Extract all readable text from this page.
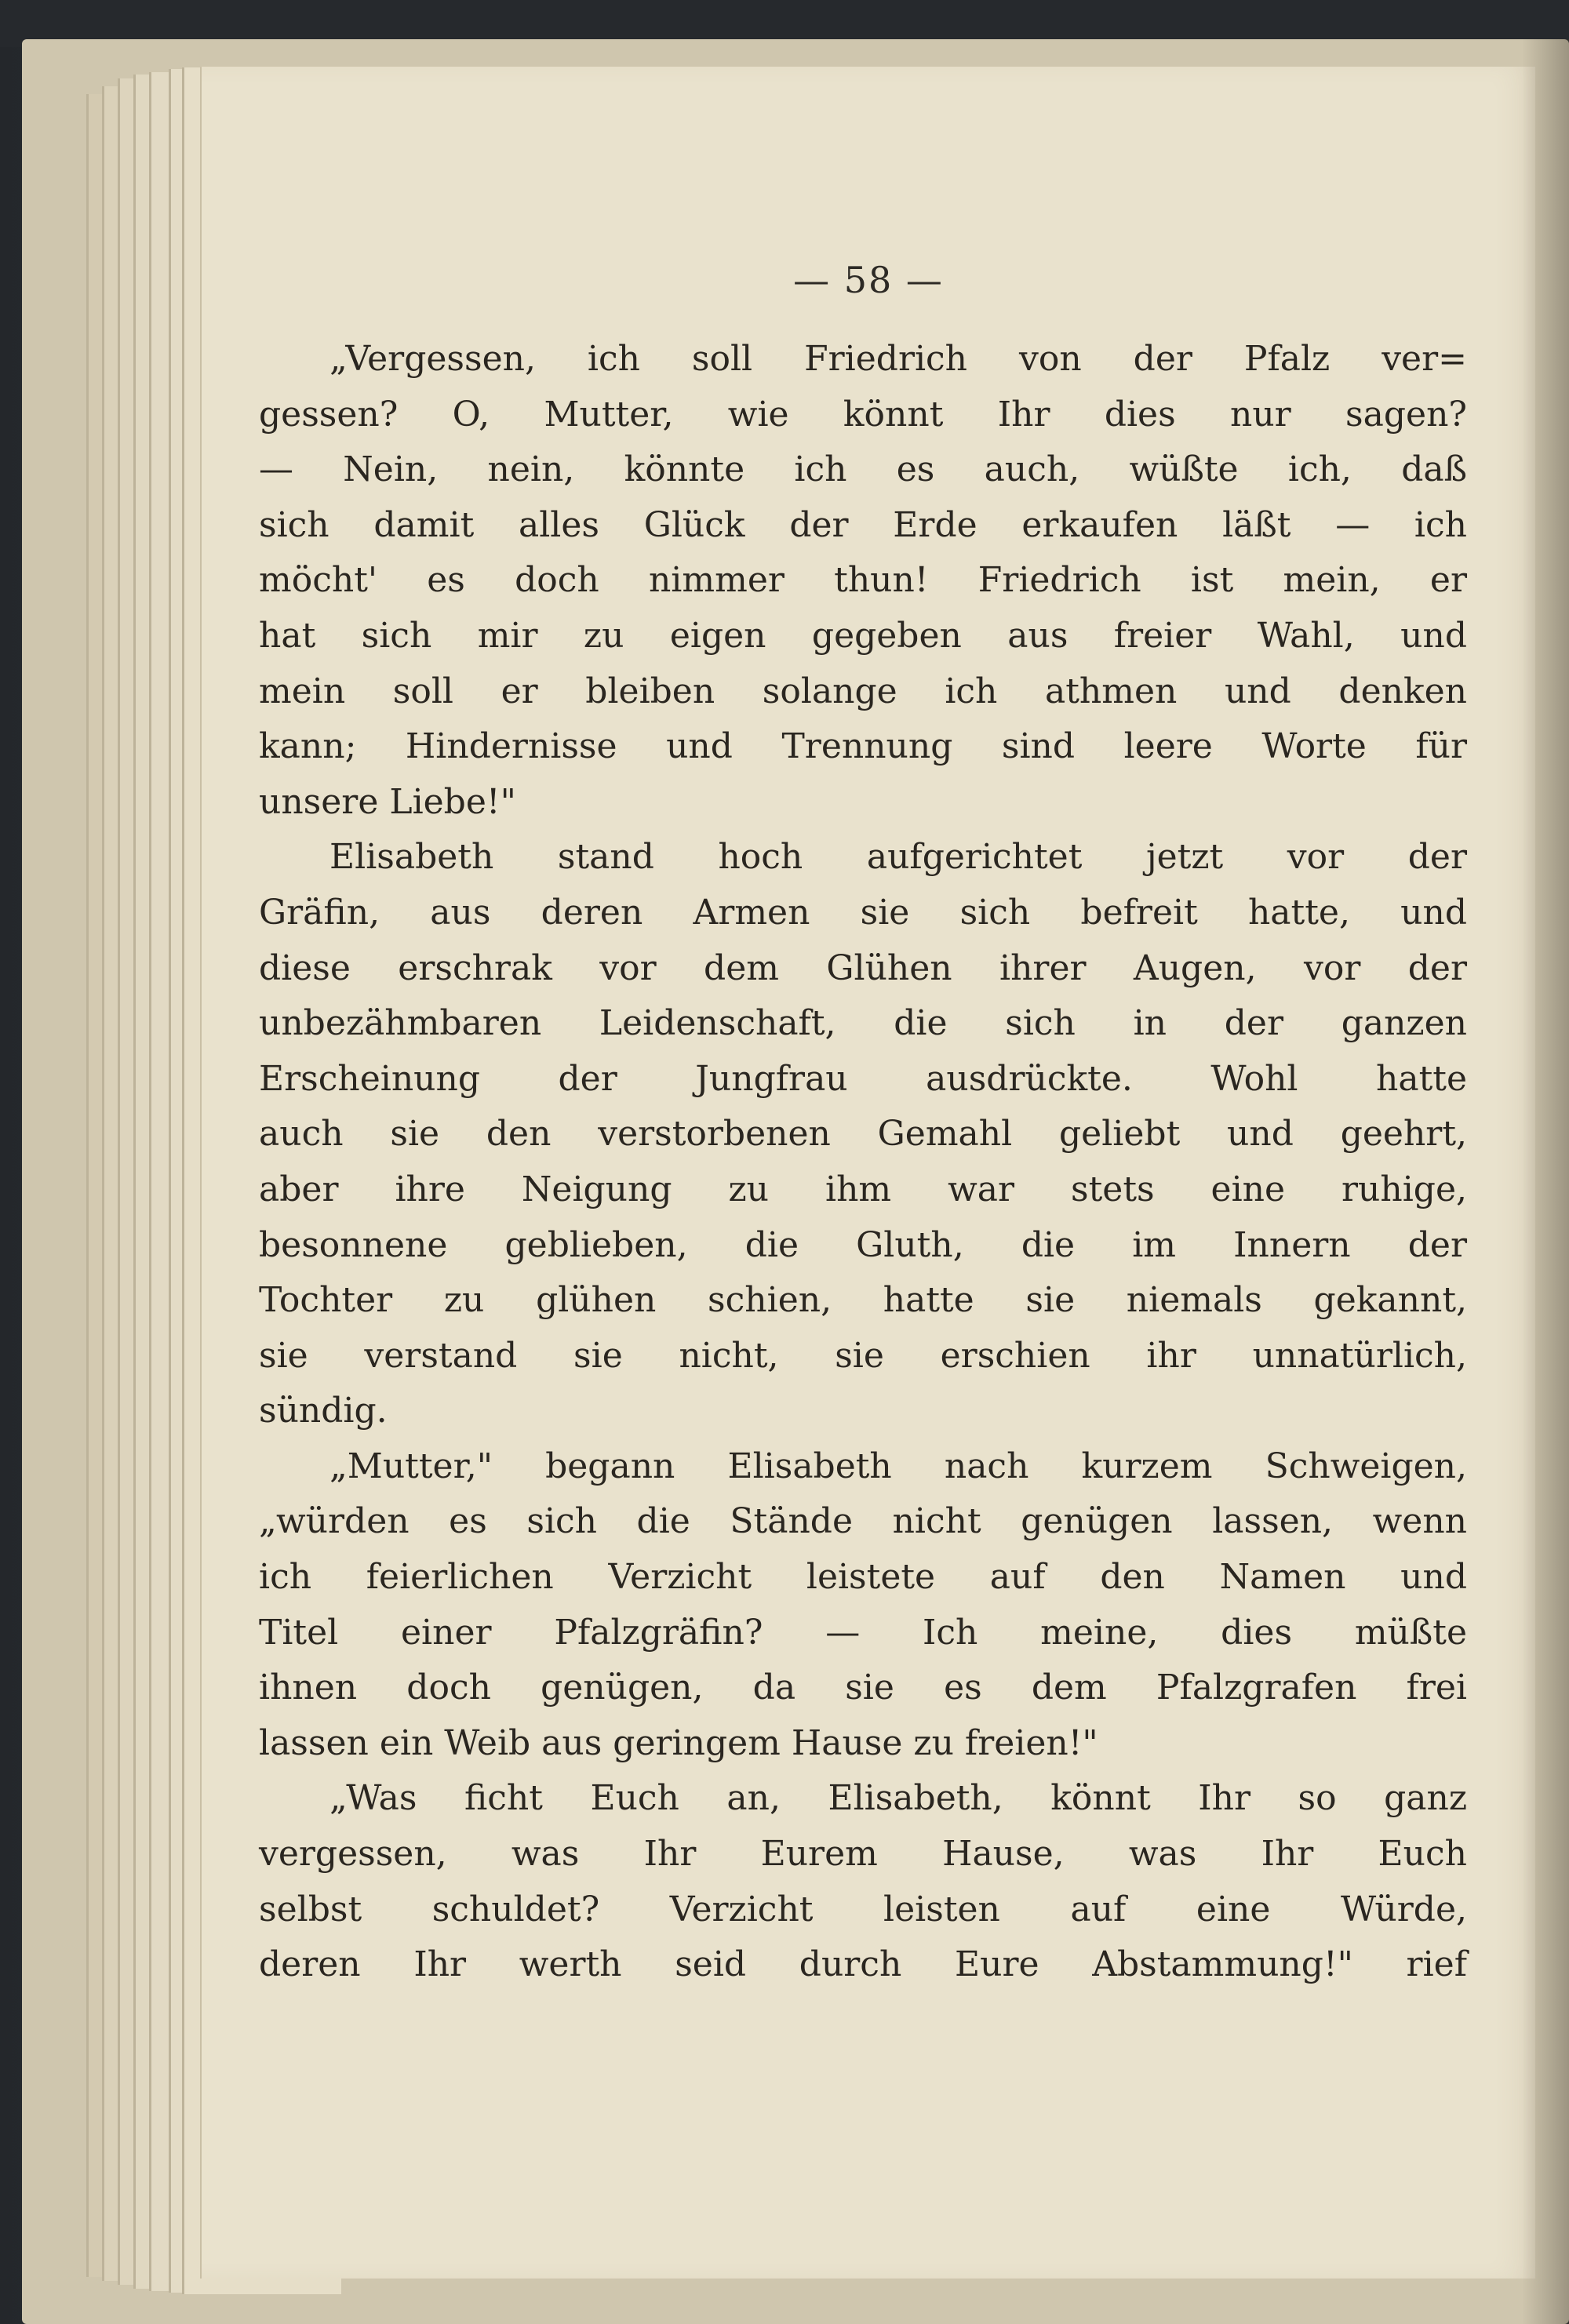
— 58 —
„Vergessen, ich soll Friedrich von der Pfalz ver=
gessen? O, Mutter, wie könnt Ihr dies nur sagen?
— Nein, nein, könnte ich es auch, wüßte ich, daß
sich damit alles Glück der Erde erkaufen läßt — ich
möcht' es doch nimmer thun! Friedrich ist mein, er
hat sich mir zu eigen gegeben aus freier Wahl, und
mein soll er bleiben solange ich athmen und denken
kann; Hindernisse und Trennung sind leere Worte für
unsere Liebe!"
Elisabeth stand hoch aufgerichtet jetzt vor der
Gräfin, aus deren Armen sie sich befreit hatte, und
diese erschrak vor dem Glühen ihrer Augen, vor der
unbezähmbaren Leidenschaft, die sich in der ganzen
Erscheinung der Jungfrau ausdrückte. Wohl hatte
auch sie den verstorbenen Gemahl geliebt und geehrt,
aber ihre Neigung zu ihm war stets eine ruhige,
besonnene geblieben, die Gluth, die im Innern der
Tochter zu glühen schien, hatte sie niemals gekannt,
sie verstand sie nicht, sie erschien ihr unnatürlich,
sündig.
„Mutter," begann Elisabeth nach kurzem Schweigen,
„würden es sich die Stände nicht genügen lassen, wenn
ich feierlichen Verzicht leistete auf den Namen und
Titel einer Pfalzgräfin? — Ich meine, dies müßte
ihnen doch genügen, da sie es dem Pfalzgrafen frei
lassen ein Weib aus geringem Hause zu freien!"
„Was ficht Euch an, Elisabeth, könnt Ihr so ganz
vergessen, was Ihr Eurem Hause, was Ihr Euch
selbst schuldet? Verzicht leisten auf eine Würde,
deren Ihr werth seid durch Eure Abstammung!" rief
